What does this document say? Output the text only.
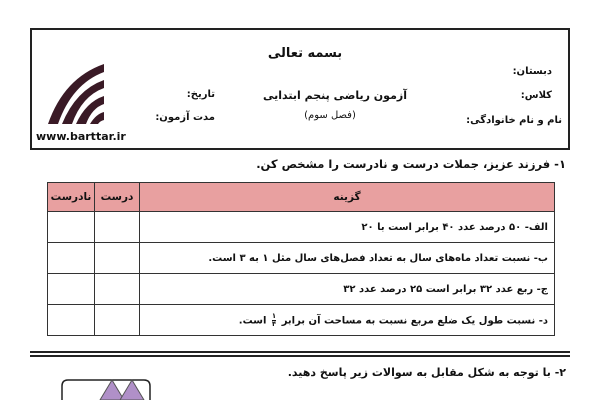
www.barttar.ir
بسمه تعالی
دبستان:
کلاس:
نام و نام خانوادگی:
آزمون ریاضی پنجم ابتدایی
(فصل سوم)
تاریخ:
مدت آزمون:
۱- فرزند عزیز، جملات درست و نادرست را مشخص کن.
گزینه	درست	نادرست
الف- ۵۰ درصد عدد ۴۰ برابر است با ۲۰		
ب- نسبت تعداد ماه‌های سال به تعداد فصل‌های سال مثل ۱ به ۳ است.		
ج- ربع عدد ۳۲ برابر است ۲۵ درصد عدد ۳۲		
د- نسبت طول یک ضلع مربع نسبت به مساحت آن برابر
$\frac{۱}{۴}$
است.		
۲- با توجه به شکل مقابل به سوالات زیر پاسخ دهید.
